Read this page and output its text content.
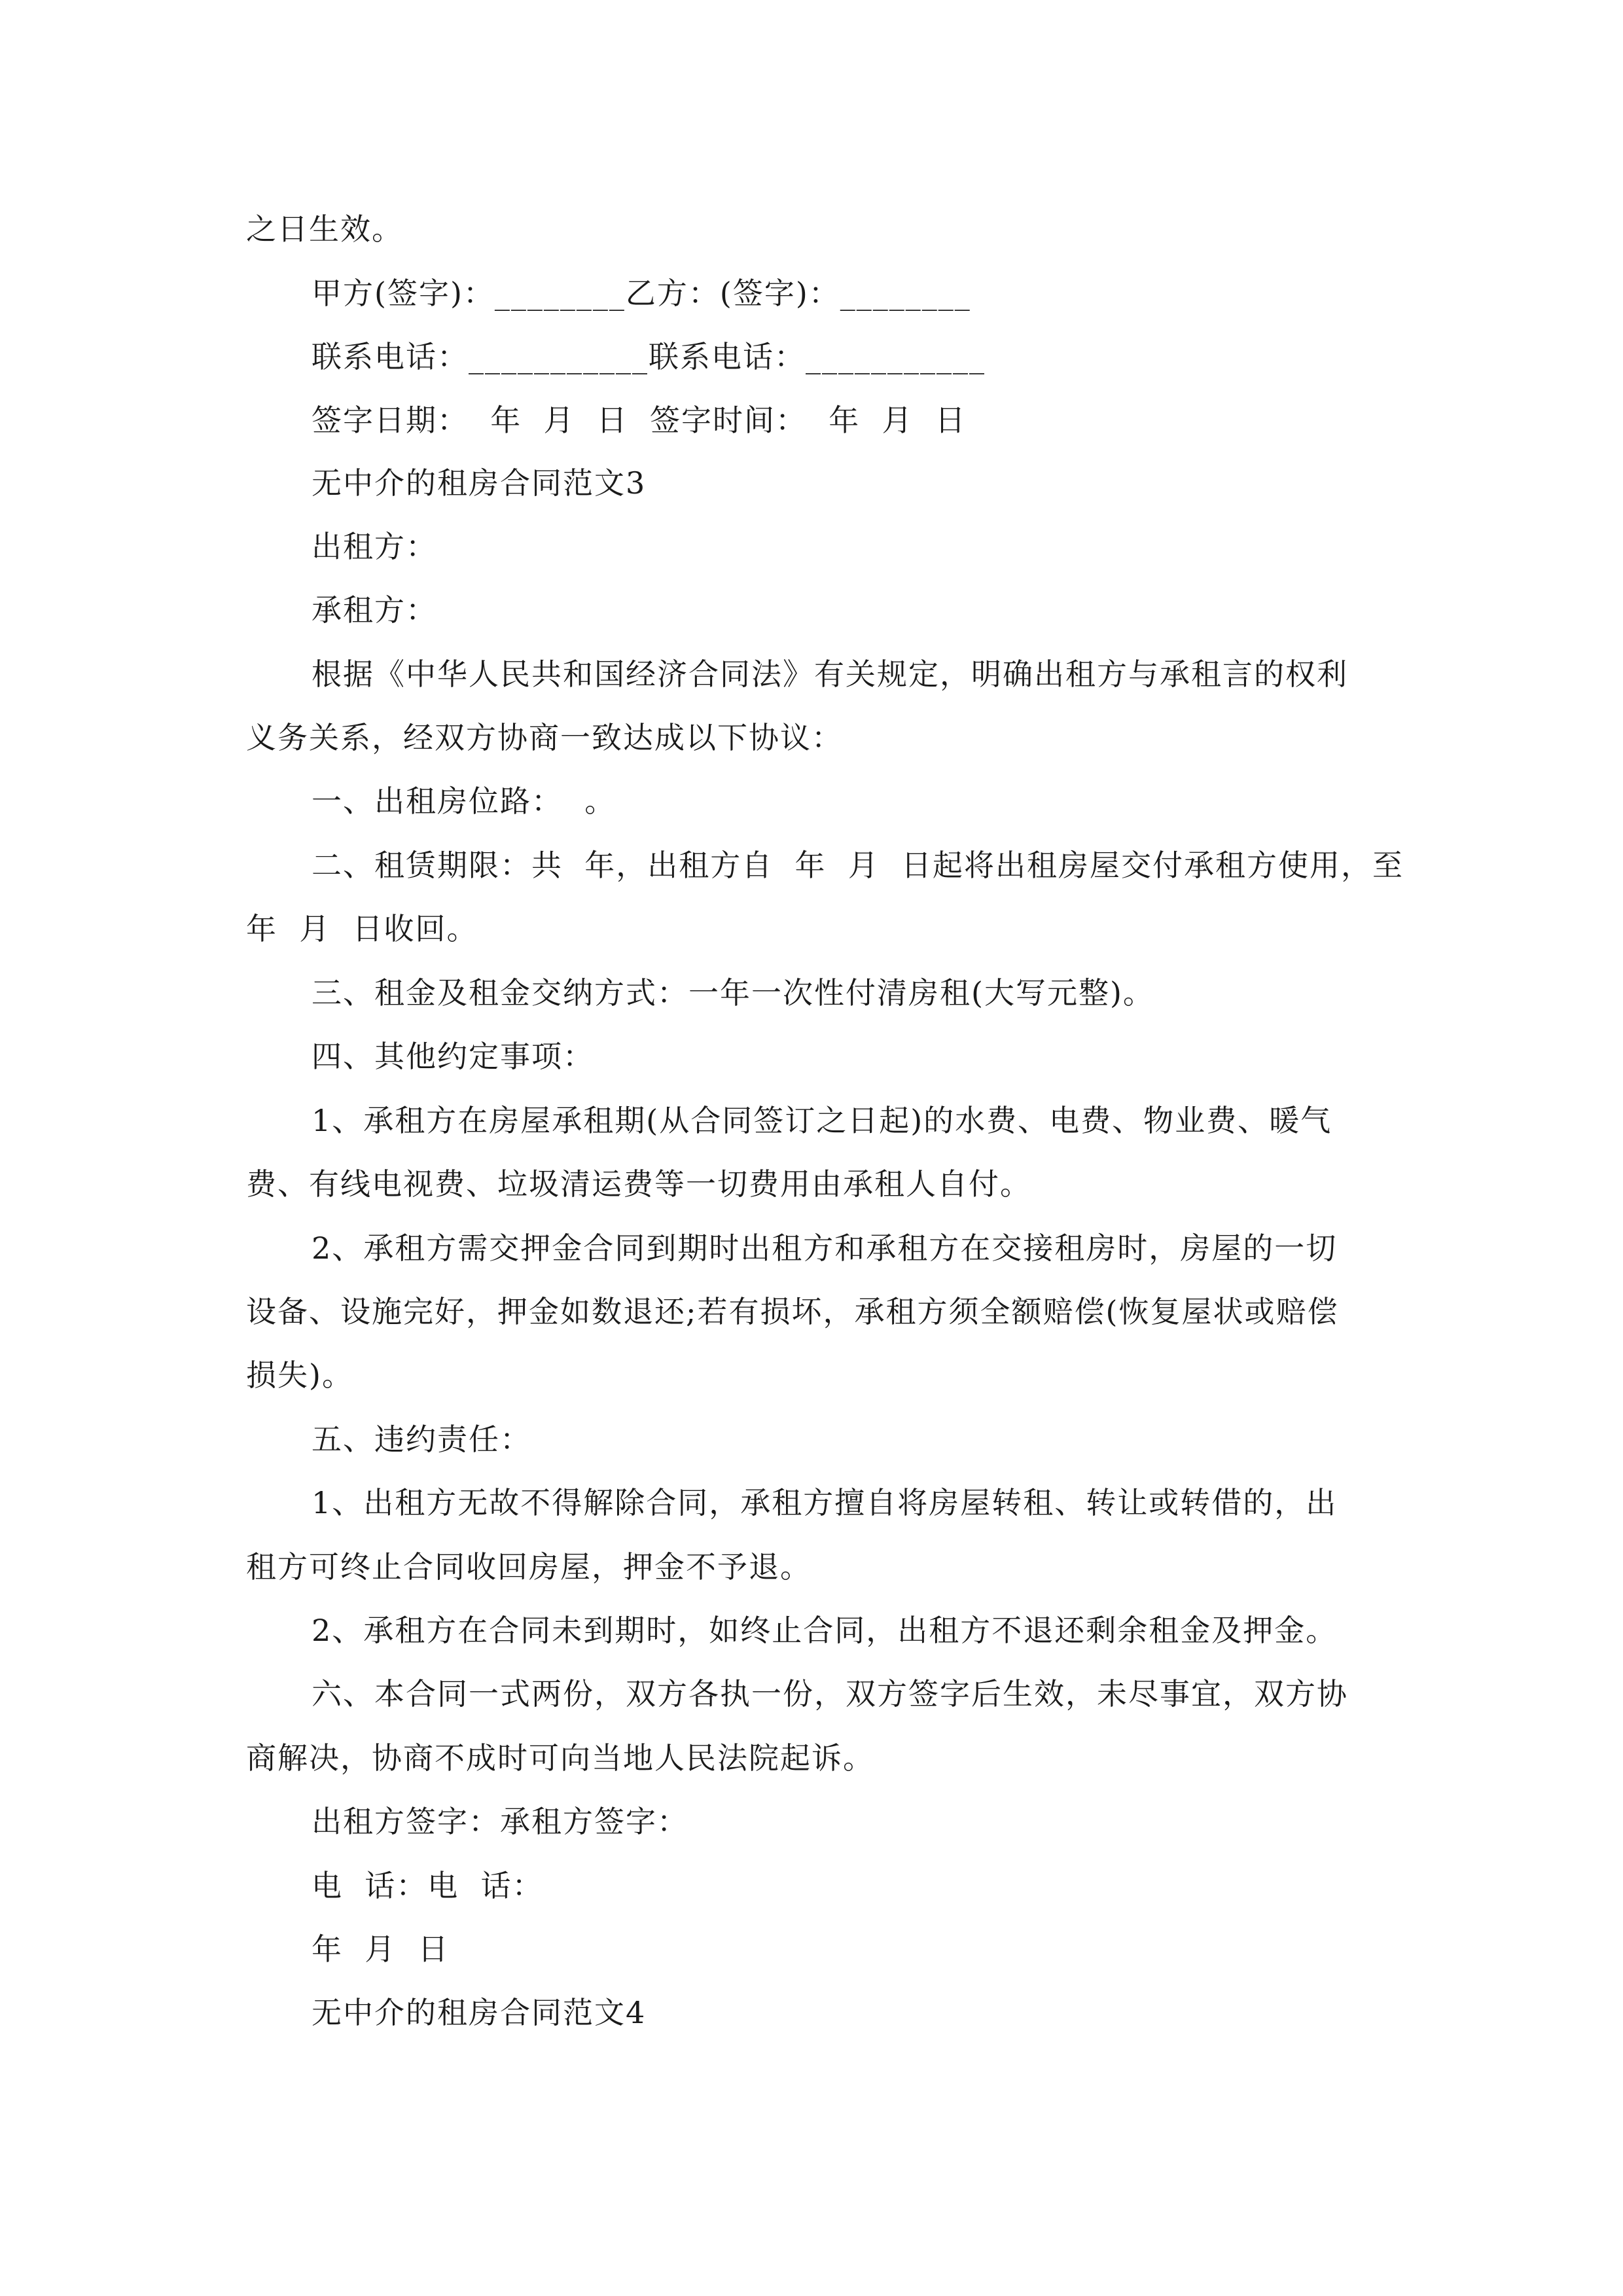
之日生效。
甲方(签字)：________乙方：(签字)：________
联系电话：___________联系电话：___________
签字日期：  年  月  日  签字时间：  年  月  日
无中介的租房合同范文3
出租方：
承租方：
根据《中华人民共和国经济合同法》有关规定，明确出租方与承租言的权利
义务关系，经双方协商一致达成以下协议：
一、出租房位路：  。
二、租赁期限：共  年，出租方自  年  月  日起将出租房屋交付承租方使用，至
年  月  日收回。
三、租金及租金交纳方式：一年一次性付清房租(大写元整)。
四、其他约定事项：
1、承租方在房屋承租期(从合同签订之日起)的水费、电费、物业费、暖气
费、有线电视费、垃圾清运费等一切费用由承租人自付。
2、承租方需交押金合同到期时出租方和承租方在交接租房时，房屋的一切
设备、设施完好，押金如数退还;若有损坏，承租方须全额赔偿(恢复屋状或赔偿
损失)。
五、违约责任：
1、出租方无故不得解除合同，承租方擅自将房屋转租、转让或转借的，出
租方可终止合同收回房屋，押金不予退。
2、承租方在合同未到期时，如终止合同，出租方不退还剩余租金及押金。
六、本合同一式两份，双方各执一份，双方签字后生效，未尽事宜，双方协
商解决，协商不成时可向当地人民法院起诉。
出租方签字：承租方签字：
电  话：电  话：
年  月  日
无中介的租房合同范文4
